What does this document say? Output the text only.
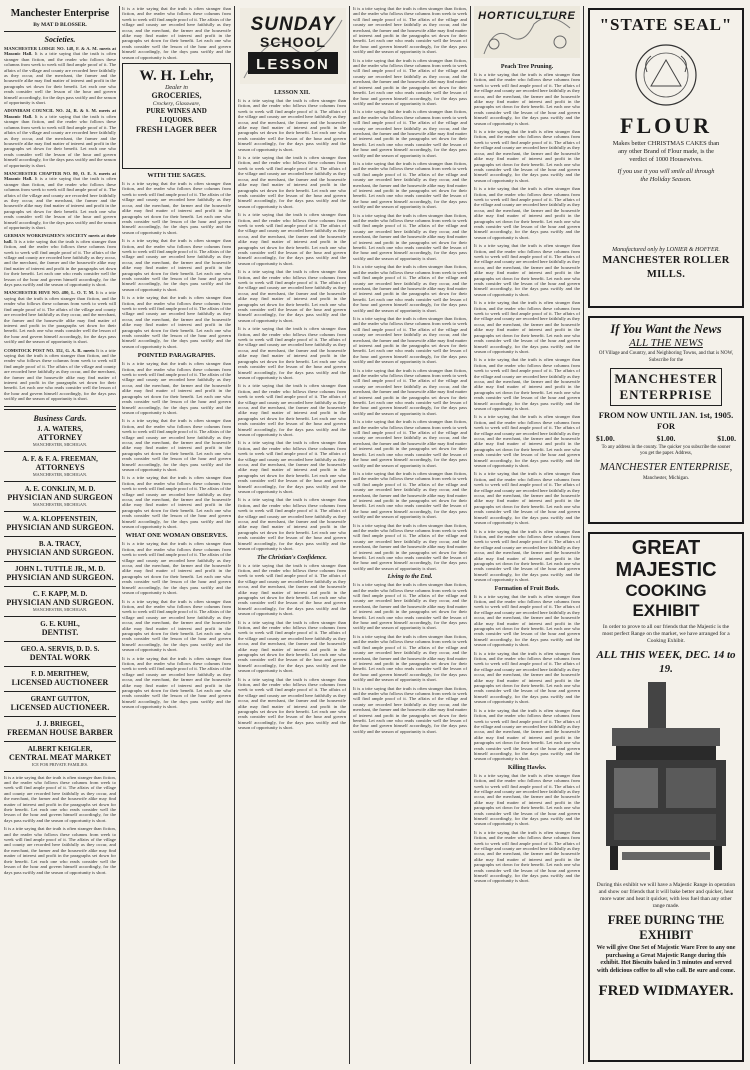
Manchester Enterprise
By MAT D BLOSSER.
Societies.

MANCHESTER LODGE NO. 148, F. & A. M. meets at Masonic Hall. It is a trite saying that the truth is often stranger than fiction, and the reader who follows these columns from week to week will find ample proof of it. The affairs of the village and county are recorded here faithfully as they occur, and the merchant, the farmer and the housewife alike may find matter of interest and profit in the paragraphs set down for their benefit. Let each one who reads consider well the lesson of the hour and govern himself accordingly, for the days pass swiftly and the season of opportunity is short.

ADONIRAM COUNCIL NO. 24, R. & S. M. meets at Masonic Hall. It is a trite saying that the truth is often stranger than fiction, and the reader who follows these columns from week to week will find ample proof of it. The affairs of the village and county are recorded here faithfully as they occur, and the merchant, the farmer and the housewife alike may find matter of interest and profit in the paragraphs set down for their benefit. Let each one who reads consider well the lesson of the hour and govern himself accordingly, for the days pass swiftly and the season of opportunity is short.

MANCHESTER CHAPTER NO. 80, O. E. S. meets at Masonic Hall. It is a trite saying that the truth is often stranger than fiction, and the reader who follows these columns from week to week will find ample proof of it. The affairs of the village and county are recorded here faithfully as they occur, and the merchant, the farmer and the housewife alike may find matter of interest and profit in the paragraphs set down for their benefit. Let each one who reads consider well the lesson of the hour and govern himself accordingly, for the days pass swiftly and the season of opportunity is short.

GERMAN WORKINGMEN'S SOCIETY meets at their hall. It is a trite saying that the truth is often stranger than fiction, and the reader who follows these columns from week to week will find ample proof of it. The affairs of the village and county are recorded here faithfully as they occur, and the merchant, the farmer and the housewife alike may find matter of interest and profit in the paragraphs set down for their benefit. Let each one who reads consider well the lesson of the hour and govern himself accordingly, for the days pass swiftly and the season of opportunity is short.

MANCHESTER HIVE NO. 480, L. O. T. M. It is a trite saying that the truth is often stranger than fiction, and the reader who follows these columns from week to week will find ample proof of it. The affairs of the village and county are recorded here faithfully as they occur, and the merchant, the farmer and the housewife alike may find matter of interest and profit in the paragraphs set down for their benefit. Let each one who reads consider well the lesson of the hour and govern himself accordingly, for the days pass swiftly and the season of opportunity is short.

COMSTOCK POST NO. 352, G. A. R. meets It is a trite saying that the truth is often stranger than fiction, and the reader who follows these columns from week to week will find ample proof of it. The affairs of the village and county are recorded here faithfully as they occur, and the merchant, the farmer and the housewife alike may find matter of interest and profit in the paragraphs set down for their benefit. Let each one who reads consider well the lesson of the hour and govern himself accordingly, for the days pass swiftly and the season of opportunity is short.

Business Cards.
J. A. WATERS,
ATTORNEY
MANCHESTER, MICHIGAN.
A. F. & F. A. FREEMAN,
ATTORNEYS
MANCHESTER, MICHIGAN.
A. E. CONKLIN, M. D.
PHYSICIAN AND SURGEON
MANCHESTER, MICHIGAN.
W. A. KLOPFENSTEIN,
PHYSICIAN AND SURGEON.
B. A. TRACY,
PHYSICIAN AND SURGEON.
JOHN L. TUTTLE JR., M. D.
PHYSICIAN AND SURGEON.
C. F. KAPP, M. D.
PHYSICIAN AND SURGEON.
MANCHESTER, MICHIGAN.
G. E. KUHL,
DENTIST.
GEO. A. SERVIS, D. D. S.
DENTAL WORK
F. D. MERITHEW,
LICENSED AUCTIONEER
GRANT GUTTON,
LICENSED AUCTIONEER.
J. J. BRIEGEL,
FREEMAN HOUSE BARBER
ALBERT KEIGLER,
CENTRAL MEAT MARKET
ICE FOR PRIVATE FAMILIES.

It is a trite saying that the truth is often stranger than fiction, and the reader who follows these columns from week to week will find ample proof of it. The affairs of the village and county are recorded here faithfully as they occur, and the merchant, the farmer and the housewife alike may find matter of interest and profit in the paragraphs set down for their benefit. Let each one who reads consider well the lesson of the hour and govern himself accordingly, for the days pass swiftly and the season of opportunity is short.

It is a trite saying that the truth is often stranger than fiction, and the reader who follows these columns from week to week will find ample proof of it. The affairs of the village and county are recorded here faithfully as they occur, and the merchant, the farmer and the housewife alike may find matter of interest and profit in the paragraphs set down for their benefit. Let each one who reads consider well the lesson of the hour and govern himself accordingly, for the days pass swiftly and the season of opportunity is short.

It is a trite saying that the truth is often stranger than fiction, and the reader who follows these columns from week to week will find ample proof of it. The affairs of the village and county are recorded here faithfully as they occur, and the merchant, the farmer and the housewife alike may find matter of interest and profit in the paragraphs set down for their benefit. Let each one who reads consider well the lesson of the hour and govern himself accordingly, for the days pass swiftly and the season of opportunity is short.

W. H. Lehr,
Dealer in
GROCERIES,
Crockery, Glassware,
PURE WINES AND
LIQUORS.
FRESH LAGER BEER
WITH THE SAGES.

It is a trite saying that the truth is often stranger than fiction, and the reader who follows these columns from week to week will find ample proof of it. The affairs of the village and county are recorded here faithfully as they occur, and the merchant, the farmer and the housewife alike may find matter of interest and profit in the paragraphs set down for their benefit. Let each one who reads consider well the lesson of the hour and govern himself accordingly, for the days pass swiftly and the season of opportunity is short.

It is a trite saying that the truth is often stranger than fiction, and the reader who follows these columns from week to week will find ample proof of it. The affairs of the village and county are recorded here faithfully as they occur, and the merchant, the farmer and the housewife alike may find matter of interest and profit in the paragraphs set down for their benefit. Let each one who reads consider well the lesson of the hour and govern himself accordingly, for the days pass swiftly and the season of opportunity is short.

It is a trite saying that the truth is often stranger than fiction, and the reader who follows these columns from week to week will find ample proof of it. The affairs of the village and county are recorded here faithfully as they occur, and the merchant, the farmer and the housewife alike may find matter of interest and profit in the paragraphs set down for their benefit. Let each one who reads consider well the lesson of the hour and govern himself accordingly, for the days pass swiftly and the season of opportunity is short.

POINTED PARAGRAPHS.

It is a trite saying that the truth is often stranger than fiction, and the reader who follows these columns from week to week will find ample proof of it. The affairs of the village and county are recorded here faithfully as they occur, and the merchant, the farmer and the housewife alike may find matter of interest and profit in the paragraphs set down for their benefit. Let each one who reads consider well the lesson of the hour and govern himself accordingly, for the days pass swiftly and the season of opportunity is short.

It is a trite saying that the truth is often stranger than fiction, and the reader who follows these columns from week to week will find ample proof of it. The affairs of the village and county are recorded here faithfully as they occur, and the merchant, the farmer and the housewife alike may find matter of interest and profit in the paragraphs set down for their benefit. Let each one who reads consider well the lesson of the hour and govern himself accordingly, for the days pass swiftly and the season of opportunity is short.

It is a trite saying that the truth is often stranger than fiction, and the reader who follows these columns from week to week will find ample proof of it. The affairs of the village and county are recorded here faithfully as they occur, and the merchant, the farmer and the housewife alike may find matter of interest and profit in the paragraphs set down for their benefit. Let each one who reads consider well the lesson of the hour and govern himself accordingly, for the days pass swiftly and the season of opportunity is short.

WHAT ONE WOMAN OBSERVES.

It is a trite saying that the truth is often stranger than fiction, and the reader who follows these columns from week to week will find ample proof of it. The affairs of the village and county are recorded here faithfully as they occur, and the merchant, the farmer and the housewife alike may find matter of interest and profit in the paragraphs set down for their benefit. Let each one who reads consider well the lesson of the hour and govern himself accordingly, for the days pass swiftly and the season of opportunity is short.

It is a trite saying that the truth is often stranger than fiction, and the reader who follows these columns from week to week will find ample proof of it. The affairs of the village and county are recorded here faithfully as they occur, and the merchant, the farmer and the housewife alike may find matter of interest and profit in the paragraphs set down for their benefit. Let each one who reads consider well the lesson of the hour and govern himself accordingly, for the days pass swiftly and the season of opportunity is short.

It is a trite saying that the truth is often stranger than fiction, and the reader who follows these columns from week to week will find ample proof of it. The affairs of the village and county are recorded here faithfully as they occur, and the merchant, the farmer and the housewife alike may find matter of interest and profit in the paragraphs set down for their benefit. Let each one who reads consider well the lesson of the hour and govern himself accordingly, for the days pass swiftly and the season of opportunity is short.

SUNDAY
SCHOOL
LESSON
LESSON XII.

It is a trite saying that the truth is often stranger than fiction, and the reader who follows these columns from week to week will find ample proof of it. The affairs of the village and county are recorded here faithfully as they occur, and the merchant, the farmer and the housewife alike may find matter of interest and profit in the paragraphs set down for their benefit. Let each one who reads consider well the lesson of the hour and govern himself accordingly, for the days pass swiftly and the season of opportunity is short.

It is a trite saying that the truth is often stranger than fiction, and the reader who follows these columns from week to week will find ample proof of it. The affairs of the village and county are recorded here faithfully as they occur, and the merchant, the farmer and the housewife alike may find matter of interest and profit in the paragraphs set down for their benefit. Let each one who reads consider well the lesson of the hour and govern himself accordingly, for the days pass swiftly and the season of opportunity is short.

It is a trite saying that the truth is often stranger than fiction, and the reader who follows these columns from week to week will find ample proof of it. The affairs of the village and county are recorded here faithfully as they occur, and the merchant, the farmer and the housewife alike may find matter of interest and profit in the paragraphs set down for their benefit. Let each one who reads consider well the lesson of the hour and govern himself accordingly, for the days pass swiftly and the season of opportunity is short.

It is a trite saying that the truth is often stranger than fiction, and the reader who follows these columns from week to week will find ample proof of it. The affairs of the village and county are recorded here faithfully as they occur, and the merchant, the farmer and the housewife alike may find matter of interest and profit in the paragraphs set down for their benefit. Let each one who reads consider well the lesson of the hour and govern himself accordingly, for the days pass swiftly and the season of opportunity is short.

It is a trite saying that the truth is often stranger than fiction, and the reader who follows these columns from week to week will find ample proof of it. The affairs of the village and county are recorded here faithfully as they occur, and the merchant, the farmer and the housewife alike may find matter of interest and profit in the paragraphs set down for their benefit. Let each one who reads consider well the lesson of the hour and govern himself accordingly, for the days pass swiftly and the season of opportunity is short.

It is a trite saying that the truth is often stranger than fiction, and the reader who follows these columns from week to week will find ample proof of it. The affairs of the village and county are recorded here faithfully as they occur, and the merchant, the farmer and the housewife alike may find matter of interest and profit in the paragraphs set down for their benefit. Let each one who reads consider well the lesson of the hour and govern himself accordingly, for the days pass swiftly and the season of opportunity is short.

It is a trite saying that the truth is often stranger than fiction, and the reader who follows these columns from week to week will find ample proof of it. The affairs of the village and county are recorded here faithfully as they occur, and the merchant, the farmer and the housewife alike may find matter of interest and profit in the paragraphs set down for their benefit. Let each one who reads consider well the lesson of the hour and govern himself accordingly, for the days pass swiftly and the season of opportunity is short.

It is a trite saying that the truth is often stranger than fiction, and the reader who follows these columns from week to week will find ample proof of it. The affairs of the village and county are recorded here faithfully as they occur, and the merchant, the farmer and the housewife alike may find matter of interest and profit in the paragraphs set down for their benefit. Let each one who reads consider well the lesson of the hour and govern himself accordingly, for the days pass swiftly and the season of opportunity is short.

The Christian's Confidence.

It is a trite saying that the truth is often stranger than fiction, and the reader who follows these columns from week to week will find ample proof of it. The affairs of the village and county are recorded here faithfully as they occur, and the merchant, the farmer and the housewife alike may find matter of interest and profit in the paragraphs set down for their benefit. Let each one who reads consider well the lesson of the hour and govern himself accordingly, for the days pass swiftly and the season of opportunity is short.

It is a trite saying that the truth is often stranger than fiction, and the reader who follows these columns from week to week will find ample proof of it. The affairs of the village and county are recorded here faithfully as they occur, and the merchant, the farmer and the housewife alike may find matter of interest and profit in the paragraphs set down for their benefit. Let each one who reads consider well the lesson of the hour and govern himself accordingly, for the days pass swiftly and the season of opportunity is short.

It is a trite saying that the truth is often stranger than fiction, and the reader who follows these columns from week to week will find ample proof of it. The affairs of the village and county are recorded here faithfully as they occur, and the merchant, the farmer and the housewife alike may find matter of interest and profit in the paragraphs set down for their benefit. Let each one who reads consider well the lesson of the hour and govern himself accordingly, for the days pass swiftly and the season of opportunity is short.

It is a trite saying that the truth is often stranger than fiction, and the reader who follows these columns from week to week will find ample proof of it. The affairs of the village and county are recorded here faithfully as they occur, and the merchant, the farmer and the housewife alike may find matter of interest and profit in the paragraphs set down for their benefit. Let each one who reads consider well the lesson of the hour and govern himself accordingly, for the days pass swiftly and the season of opportunity is short.

It is a trite saying that the truth is often stranger than fiction, and the reader who follows these columns from week to week will find ample proof of it. The affairs of the village and county are recorded here faithfully as they occur, and the merchant, the farmer and the housewife alike may find matter of interest and profit in the paragraphs set down for their benefit. Let each one who reads consider well the lesson of the hour and govern himself accordingly, for the days pass swiftly and the season of opportunity is short.

It is a trite saying that the truth is often stranger than fiction, and the reader who follows these columns from week to week will find ample proof of it. The affairs of the village and county are recorded here faithfully as they occur, and the merchant, the farmer and the housewife alike may find matter of interest and profit in the paragraphs set down for their benefit. Let each one who reads consider well the lesson of the hour and govern himself accordingly, for the days pass swiftly and the season of opportunity is short.

It is a trite saying that the truth is often stranger than fiction, and the reader who follows these columns from week to week will find ample proof of it. The affairs of the village and county are recorded here faithfully as they occur, and the merchant, the farmer and the housewife alike may find matter of interest and profit in the paragraphs set down for their benefit. Let each one who reads consider well the lesson of the hour and govern himself accordingly, for the days pass swiftly and the season of opportunity is short.

It is a trite saying that the truth is often stranger than fiction, and the reader who follows these columns from week to week will find ample proof of it. The affairs of the village and county are recorded here faithfully as they occur, and the merchant, the farmer and the housewife alike may find matter of interest and profit in the paragraphs set down for their benefit. Let each one who reads consider well the lesson of the hour and govern himself accordingly, for the days pass swiftly and the season of opportunity is short.

It is a trite saying that the truth is often stranger than fiction, and the reader who follows these columns from week to week will find ample proof of it. The affairs of the village and county are recorded here faithfully as they occur, and the merchant, the farmer and the housewife alike may find matter of interest and profit in the paragraphs set down for their benefit. Let each one who reads consider well the lesson of the hour and govern himself accordingly, for the days pass swiftly and the season of opportunity is short.

It is a trite saying that the truth is often stranger than fiction, and the reader who follows these columns from week to week will find ample proof of it. The affairs of the village and county are recorded here faithfully as they occur, and the merchant, the farmer and the housewife alike may find matter of interest and profit in the paragraphs set down for their benefit. Let each one who reads consider well the lesson of the hour and govern himself accordingly, for the days pass swiftly and the season of opportunity is short.

It is a trite saying that the truth is often stranger than fiction, and the reader who follows these columns from week to week will find ample proof of it. The affairs of the village and county are recorded here faithfully as they occur, and the merchant, the farmer and the housewife alike may find matter of interest and profit in the paragraphs set down for their benefit. Let each one who reads consider well the lesson of the hour and govern himself accordingly, for the days pass swiftly and the season of opportunity is short.

It is a trite saying that the truth is often stranger than fiction, and the reader who follows these columns from week to week will find ample proof of it. The affairs of the village and county are recorded here faithfully as they occur, and the merchant, the farmer and the housewife alike may find matter of interest and profit in the paragraphs set down for their benefit. Let each one who reads consider well the lesson of the hour and govern himself accordingly, for the days pass swiftly and the season of opportunity is short.

It is a trite saying that the truth is often stranger than fiction, and the reader who follows these columns from week to week will find ample proof of it. The affairs of the village and county are recorded here faithfully as they occur, and the merchant, the farmer and the housewife alike may find matter of interest and profit in the paragraphs set down for their benefit. Let each one who reads consider well the lesson of the hour and govern himself accordingly, for the days pass swiftly and the season of opportunity is short.

It is a trite saying that the truth is often stranger than fiction, and the reader who follows these columns from week to week will find ample proof of it. The affairs of the village and county are recorded here faithfully as they occur, and the merchant, the farmer and the housewife alike may find matter of interest and profit in the paragraphs set down for their benefit. Let each one who reads consider well the lesson of the hour and govern himself accordingly, for the days pass swiftly and the season of opportunity is short.

Living to the End.

It is a trite saying that the truth is often stranger than fiction, and the reader who follows these columns from week to week will find ample proof of it. The affairs of the village and county are recorded here faithfully as they occur, and the merchant, the farmer and the housewife alike may find matter of interest and profit in the paragraphs set down for their benefit. Let each one who reads consider well the lesson of the hour and govern himself accordingly, for the days pass swiftly and the season of opportunity is short.

It is a trite saying that the truth is often stranger than fiction, and the reader who follows these columns from week to week will find ample proof of it. The affairs of the village and county are recorded here faithfully as they occur, and the merchant, the farmer and the housewife alike may find matter of interest and profit in the paragraphs set down for their benefit. Let each one who reads consider well the lesson of the hour and govern himself accordingly, for the days pass swiftly and the season of opportunity is short.

It is a trite saying that the truth is often stranger than fiction, and the reader who follows these columns from week to week will find ample proof of it. The affairs of the village and county are recorded here faithfully as they occur, and the merchant, the farmer and the housewife alike may find matter of interest and profit in the paragraphs set down for their benefit. Let each one who reads consider well the lesson of the hour and govern himself accordingly, for the days pass swiftly and the season of opportunity is short.

HORTICULTURE
Peach Tree Pruning.

It is a trite saying that the truth is often stranger than fiction, and the reader who follows these columns from week to week will find ample proof of it. The affairs of the village and county are recorded here faithfully as they occur, and the merchant, the farmer and the housewife alike may find matter of interest and profit in the paragraphs set down for their benefit. Let each one who reads consider well the lesson of the hour and govern himself accordingly, for the days pass swiftly and the season of opportunity is short.

It is a trite saying that the truth is often stranger than fiction, and the reader who follows these columns from week to week will find ample proof of it. The affairs of the village and county are recorded here faithfully as they occur, and the merchant, the farmer and the housewife alike may find matter of interest and profit in the paragraphs set down for their benefit. Let each one who reads consider well the lesson of the hour and govern himself accordingly, for the days pass swiftly and the season of opportunity is short.

It is a trite saying that the truth is often stranger than fiction, and the reader who follows these columns from week to week will find ample proof of it. The affairs of the village and county are recorded here faithfully as they occur, and the merchant, the farmer and the housewife alike may find matter of interest and profit in the paragraphs set down for their benefit. Let each one who reads consider well the lesson of the hour and govern himself accordingly, for the days pass swiftly and the season of opportunity is short.

It is a trite saying that the truth is often stranger than fiction, and the reader who follows these columns from week to week will find ample proof of it. The affairs of the village and county are recorded here faithfully as they occur, and the merchant, the farmer and the housewife alike may find matter of interest and profit in the paragraphs set down for their benefit. Let each one who reads consider well the lesson of the hour and govern himself accordingly, for the days pass swiftly and the season of opportunity is short.

It is a trite saying that the truth is often stranger than fiction, and the reader who follows these columns from week to week will find ample proof of it. The affairs of the village and county are recorded here faithfully as they occur, and the merchant, the farmer and the housewife alike may find matter of interest and profit in the paragraphs set down for their benefit. Let each one who reads consider well the lesson of the hour and govern himself accordingly, for the days pass swiftly and the season of opportunity is short.

It is a trite saying that the truth is often stranger than fiction, and the reader who follows these columns from week to week will find ample proof of it. The affairs of the village and county are recorded here faithfully as they occur, and the merchant, the farmer and the housewife alike may find matter of interest and profit in the paragraphs set down for their benefit. Let each one who reads consider well the lesson of the hour and govern himself accordingly, for the days pass swiftly and the season of opportunity is short.

It is a trite saying that the truth is often stranger than fiction, and the reader who follows these columns from week to week will find ample proof of it. The affairs of the village and county are recorded here faithfully as they occur, and the merchant, the farmer and the housewife alike may find matter of interest and profit in the paragraphs set down for their benefit. Let each one who reads consider well the lesson of the hour and govern himself accordingly, for the days pass swiftly and the season of opportunity is short.

It is a trite saying that the truth is often stranger than fiction, and the reader who follows these columns from week to week will find ample proof of it. The affairs of the village and county are recorded here faithfully as they occur, and the merchant, the farmer and the housewife alike may find matter of interest and profit in the paragraphs set down for their benefit. Let each one who reads consider well the lesson of the hour and govern himself accordingly, for the days pass swiftly and the season of opportunity is short.

It is a trite saying that the truth is often stranger than fiction, and the reader who follows these columns from week to week will find ample proof of it. The affairs of the village and county are recorded here faithfully as they occur, and the merchant, the farmer and the housewife alike may find matter of interest and profit in the paragraphs set down for their benefit. Let each one who reads consider well the lesson of the hour and govern himself accordingly, for the days pass swiftly and the season of opportunity is short.

Formation of Fruit Buds.

It is a trite saying that the truth is often stranger than fiction, and the reader who follows these columns from week to week will find ample proof of it. The affairs of the village and county are recorded here faithfully as they occur, and the merchant, the farmer and the housewife alike may find matter of interest and profit in the paragraphs set down for their benefit. Let each one who reads consider well the lesson of the hour and govern himself accordingly, for the days pass swiftly and the season of opportunity is short.

It is a trite saying that the truth is often stranger than fiction, and the reader who follows these columns from week to week will find ample proof of it. The affairs of the village and county are recorded here faithfully as they occur, and the merchant, the farmer and the housewife alike may find matter of interest and profit in the paragraphs set down for their benefit. Let each one who reads consider well the lesson of the hour and govern himself accordingly, for the days pass swiftly and the season of opportunity is short.

It is a trite saying that the truth is often stranger than fiction, and the reader who follows these columns from week to week will find ample proof of it. The affairs of the village and county are recorded here faithfully as they occur, and the merchant, the farmer and the housewife alike may find matter of interest and profit in the paragraphs set down for their benefit. Let each one who reads consider well the lesson of the hour and govern himself accordingly, for the days pass swiftly and the season of opportunity is short.

Killing Hawks.

It is a trite saying that the truth is often stranger than fiction, and the reader who follows these columns from week to week will find ample proof of it. The affairs of the village and county are recorded here faithfully as they occur, and the merchant, the farmer and the housewife alike may find matter of interest and profit in the paragraphs set down for their benefit. Let each one who reads consider well the lesson of the hour and govern himself accordingly, for the days pass swiftly and the season of opportunity is short.

It is a trite saying that the truth is often stranger than fiction, and the reader who follows these columns from week to week will find ample proof of it. The affairs of the village and county are recorded here faithfully as they occur, and the merchant, the farmer and the housewife alike may find matter of interest and profit in the paragraphs set down for their benefit. Let each one who reads consider well the lesson of the hour and govern himself accordingly, for the days pass swiftly and the season of opportunity is short.

"STATE SEAL"
FLOUR
Makes better CHRISTMAS CAKES than
any other Brand of Flour made, is the
verdict of 1000 Housewives.
If you use it you will smile all through
the Holiday Season.
Manufactured only by LONIER & HOFFER.
MANCHESTER ROLLER MILLS.
If You Want the News
ALL THE NEWS
Of Village and Country, and Neighboring Towns, and that is NOW,
Subscribe for the
MANCHESTER
ENTERPRISE
FROM NOW UNTIL JAN. 1st, 1905. FOR
$1.00.	$1.00.	$1.00.
To any address in the county. The quicker you subscribe the sooner
you get the paper. Address,
MANCHESTER ENTERPRISE,
Manchester, Michigan.
GREAT MAJESTIC
COOKING EXHIBIT
In order to prove to all our friends that the Majestic is the most perfect Range on the market, we have arranged for a Cooking Exhibit.
ALL THIS WEEK, DEC. 14 to 19.
During this exhibit we will have a Majestic Range in operation and show our friends that it will bake better and quicker, heat more water and heat it quicker, with less fuel than any other range made.
FREE DURING THE EXHIBIT
We will give One Set of Majestic Ware Free to any one purchasing a Great Majestic Range during this exhibit. Hot Biscuits baked in 3 minutes and served with delicious coffee to all who call. Be sure and come.
FRED WIDMAYER.
